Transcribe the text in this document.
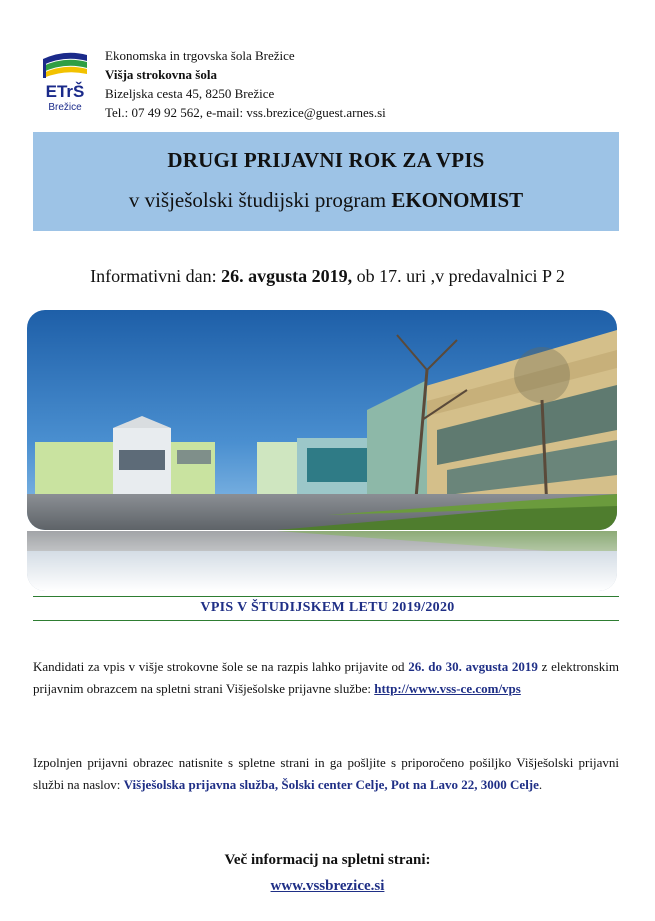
ETrŠ
Brežice
Ekonomska in trgovska šola Brežice
Višja strokovna šola
Bizeljska cesta 45, 8250 Brežice
Tel.: 07 49 92 562, e-mail: vss.brezice@guest.arnes.si
DRUGI PRIJAVNI ROK ZA VPIS
v višješolski študijski program EKONOMIST
Informativni dan: 26. avgusta 2019, ob 17. uri ,v predavalnici P 2
VPIS V ŠTUDIJSKEM LETU 2019/2020
Kandidati za vpis v višje strokovne šole se na razpis lahko prijavite od 26. do 30. avgusta 2019 z elektronskim prijavnim obrazcem na spletni strani Višješolske prijavne službe: http://www.vss-ce.com/vps
Izpolnjen prijavni obrazec natisnite s spletne strani in ga pošljite s priporočeno pošiljko Višješolski prijavni službi na naslov: Višješolska prijavna služba, Šolski center Celje, Pot na Lavo 22, 3000 Celje.
Več informacij na spletni strani:
www.vssbrezice.si
